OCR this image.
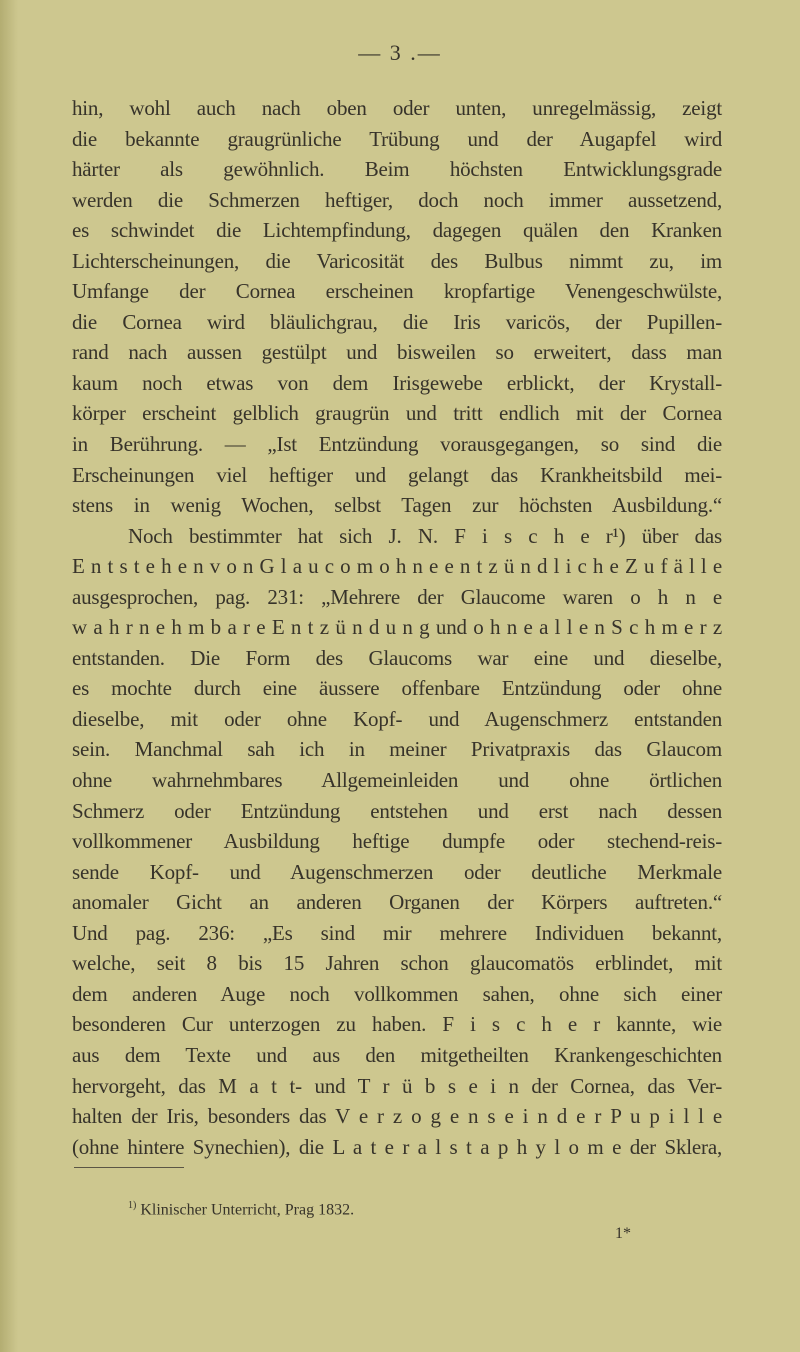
— 3 .—
hin, wohl auch nach oben oder unten, unregelmässig, zeigt
die bekannte graugrünliche Trübung und der Augapfel wird
härter als gewöhnlich. Beim höchsten Entwicklungsgrade
werden die Schmerzen heftiger, doch noch immer aussetzend,
es schwindet die Lichtempfindung, dagegen quälen den Kranken
Lichterscheinungen, die Varicosität des Bulbus nimmt zu, im
Umfange der Cornea erscheinen kropfartige Venengeschwülste,
die Cornea wird bläulichgrau, die Iris varicös, der Pupillen-
rand nach aussen gestülpt und bisweilen so erweitert, dass man
kaum noch etwas von dem Irisgewebe erblickt, der Krystall-
körper erscheint gelblich graugrün und tritt endlich mit der Cornea
in Berührung. — „Ist Entzündung vorausgegangen, so sind die
Erscheinungen viel heftiger und gelangt das Krankheitsbild mei-
stens in wenig Wochen, selbst Tagen zur höchsten Ausbildung.“
Noch bestimmter hat sich J. N. F i s c h e r¹) über das
E n t s t e h e n v o n G l a u c o m o h n e e n t z ü n d l i c h e Z u f ä l l e
ausgesprochen, pag. 231: „Mehrere der Glaucome waren o h n e
w a h r n e h m b a r e E n t z ü n d u n g und o h n e a l l e n S c h m e r z
entstanden. Die Form des Glaucoms war eine und dieselbe,
es mochte durch eine äussere offenbare Entzündung oder ohne
dieselbe, mit oder ohne Kopf- und Augenschmerz entstanden
sein. Manchmal sah ich in meiner Privatpraxis das Glaucom
ohne wahrnehmbares Allgemeinleiden und ohne örtlichen
Schmerz oder Entzündung entstehen und erst nach dessen
vollkommener Ausbildung heftige dumpfe oder stechend-reis-
sende Kopf- und Augenschmerzen oder deutliche Merkmale
anomaler Gicht an anderen Organen der Körpers auftreten.“
Und pag. 236: „Es sind mir mehrere Individuen bekannt,
welche, seit 8 bis 15 Jahren schon glaucomatös erblindet, mit
dem anderen Auge noch vollkommen sahen, ohne sich einer
besonderen Cur unterzogen zu haben. F i s c h e r kannte, wie
aus dem Texte und aus den mitgetheilten Krankengeschichten
hervorgeht, das M a t t- und T r ü b s e i n der Cornea, das Ver-
halten der Iris, besonders das V e r z o g e n s e i n d e r P u p i l l e
(ohne hintere Synechien), die L a t e r a l s t a p h y l o m e der Sklera,
$^{1)}$ Klinischer Unterricht, Prag 1832.
1*
